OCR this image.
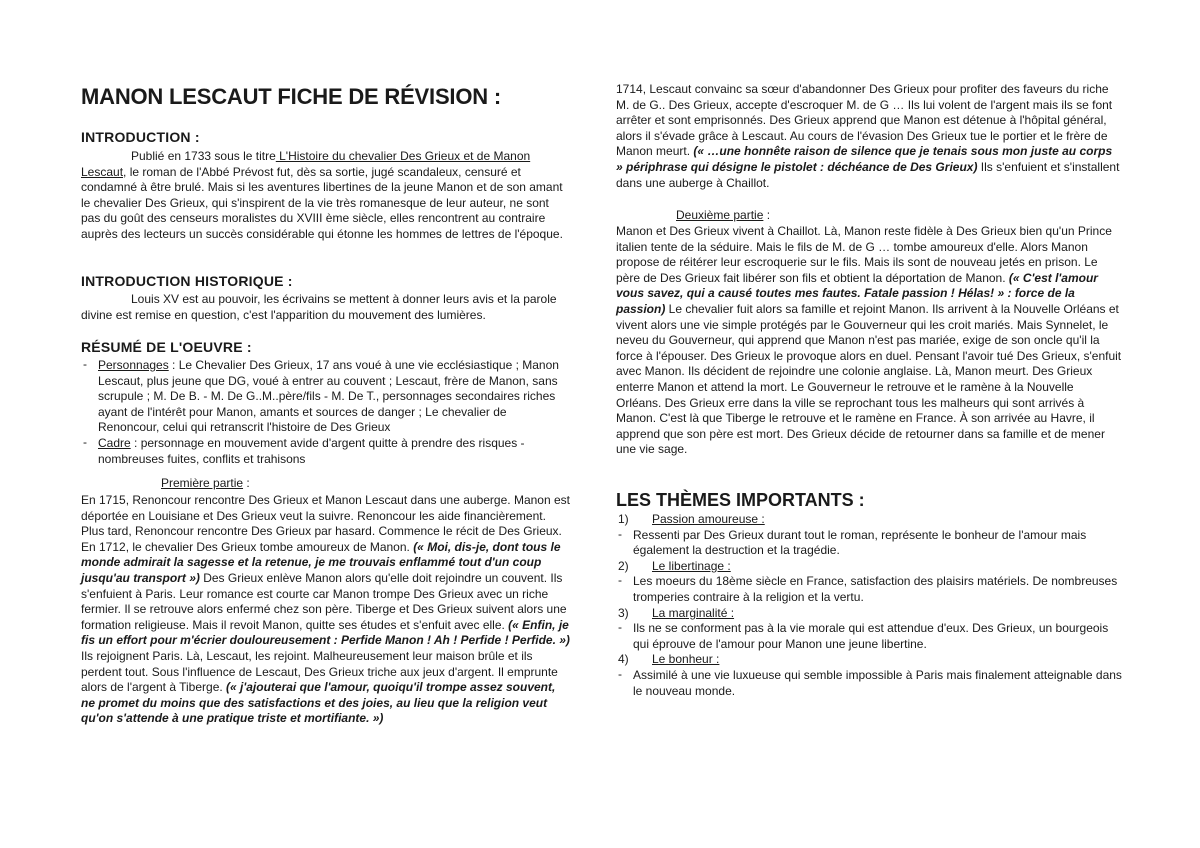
MANON LESCAUT FICHE DE RÉVISION :
INTRODUCTION :
Publié en 1733 sous le titre L'Histoire du chevalier Des Grieux et de Manon Lescaut, le roman de l'Abbé Prévost fut, dès sa sortie, jugé scandaleux, censuré et condamné à être brulé. Mais si les aventures libertines de la jeune Manon et de son amant le chevalier Des Grieux, qui s'inspirent de la vie très romanesque de leur auteur, ne sont pas du goût des censeurs moralistes du XVIII ème siècle, elles rencontrent au contraire auprès des lecteurs un succès considérable qui étonne les hommes de lettres de l'époque.
INTRODUCTION HISTORIQUE :
Louis XV est au pouvoir, les écrivains se mettent à donner leurs avis et la parole divine est remise en question, c'est l'apparition du mouvement des lumières.
RÉSUMÉ DE L'OEUVRE :
- Personnages : Le Chevalier Des Grieux, 17 ans voué à une vie ecclésiastique ; Manon Lescaut, plus jeune que DG, voué à entrer au couvent ; Lescaut, frère de Manon, sans scrupule ; M. De B. - M. De G..M..père/fils - M. De T., personnages secondaires riches ayant de l'intérêt pour Manon, amants et sources de danger ; Le chevalier de Renoncour, celui qui retranscrit l'histoire de Des Grieux
- Cadre : personnage en mouvement avide d'argent quitte à prendre des risques - nombreuses fuites, conflits et trahisons
Première partie :
En 1715, Renoncour rencontre Des Grieux et Manon Lescaut dans une auberge. Manon est déportée en Louisiane et Des Grieux veut la suivre. Renoncour les aide financièrement. Plus tard, Renoncour rencontre Des Grieux par hasard. Commence le récit de Des Grieux. En 1712, le chevalier Des Grieux tombe amoureux de Manon. (« Moi, dis-je, dont tous le monde admirait la sagesse et la retenue, je me trouvais enflammé tout d'un coup jusqu'au transport ») Des Grieux enlève Manon alors qu'elle doit rejoindre un couvent. Ils s'enfuient à Paris. Leur romance est courte car Manon trompe Des Grieux avec un riche fermier. Il se retrouve alors enfermé chez son père. Tiberge et Des Grieux suivent alors une formation religieuse. Mais il revoit Manon, quitte ses études et s'enfuit avec elle. (« Enfin, je fis un effort pour m'écrier douloureusement : Perfide Manon ! Ah ! Perfide ! Perfide. ») Ils rejoignent Paris. Là, Lescaut, les rejoint. Malheureusement leur maison brûle et ils perdent tout. Sous l'influence de Lescaut, Des Grieux triche aux jeux d'argent. Il emprunte alors de l'argent à Tiberge. (« j'ajouterai que l'amour, quoiqu'il trompe assez souvent, ne promet du moins que des satisfactions et des joies, au lieu que la religion veut qu'on s'attende à une pratique triste et mortifiante. »)
1714, Lescaut convainc sa sœur d'abandonner Des Grieux pour profiter des faveurs du riche M. de G.. Des Grieux, accepte d'escroquer M. de G … Ils lui volent de l'argent mais ils se font arrêter et sont emprisonnés. Des Grieux apprend que Manon est détenue à l'hôpital général, alors il s'évade grâce à Lescaut. Au cours de l'évasion Des Grieux tue le portier et le frère de Manon meurt. (« …une honnête raison de silence que je tenais sous mon juste au corps » périphrase qui désigne le pistolet : déchéance de Des Grieux) Ils s'enfuient et s'installent dans une auberge à Chaillot.
Deuxième partie :
Manon et Des Grieux vivent à Chaillot. Là, Manon reste fidèle à Des Grieux bien qu'un Prince italien tente de la séduire. Mais le fils de M. de G … tombe amoureux d'elle. Alors Manon propose de réitérer leur escroquerie sur le fils. Mais ils sont de nouveau jetés en prison. Le père de Des Grieux fait libérer son fils et obtient la déportation de Manon. (« C'est l'amour vous savez, qui a causé toutes mes fautes. Fatale passion ! Hélas! » : force de la passion) Le chevalier fuit alors sa famille et rejoint Manon. Ils arrivent à la Nouvelle Orléans et vivent alors une vie simple protégés par le Gouverneur qui les croit mariés. Mais Synnelet, le neveu du Gouverneur, qui apprend que Manon n'est pas mariée, exige de son oncle qu'il la force à l'épouser. Des Grieux le provoque alors en duel. Pensant l'avoir tué Des Grieux, s'enfuit avec Manon. Ils décident de rejoindre une colonie anglaise. Là, Manon meurt. Des Grieux enterre Manon et attend la mort. Le Gouverneur le retrouve et le ramène à la Nouvelle Orléans. Des Grieux erre dans la ville se reprochant tous les malheurs qui sont arrivés à Manon. C'est là que Tiberge le retrouve et le ramène en France. À son arrivée au Havre, il apprend que son père est mort. Des Grieux décide de retourner dans sa famille et de mener une vie sage.
LES THÈMES IMPORTANTS :
1) Passion amoureuse :
- Ressenti par Des Grieux durant tout le roman, représente le bonheur de l'amour mais également la destruction et la tragédie.
2) Le libertinage :
- Les moeurs du 18ème siècle en France, satisfaction des plaisirs matériels. De nombreuses tromperies contraire à la religion et la vertu.
3) La marginalité :
- Ils ne se conforment pas à la vie morale qui est attendue d'eux. Des Grieux, un bourgeois qui éprouve de l'amour pour Manon une jeune libertine.
4) Le bonheur :
- Assimilé à une vie luxueuse qui semble impossible à Paris mais finalement atteignable dans le nouveau monde.
